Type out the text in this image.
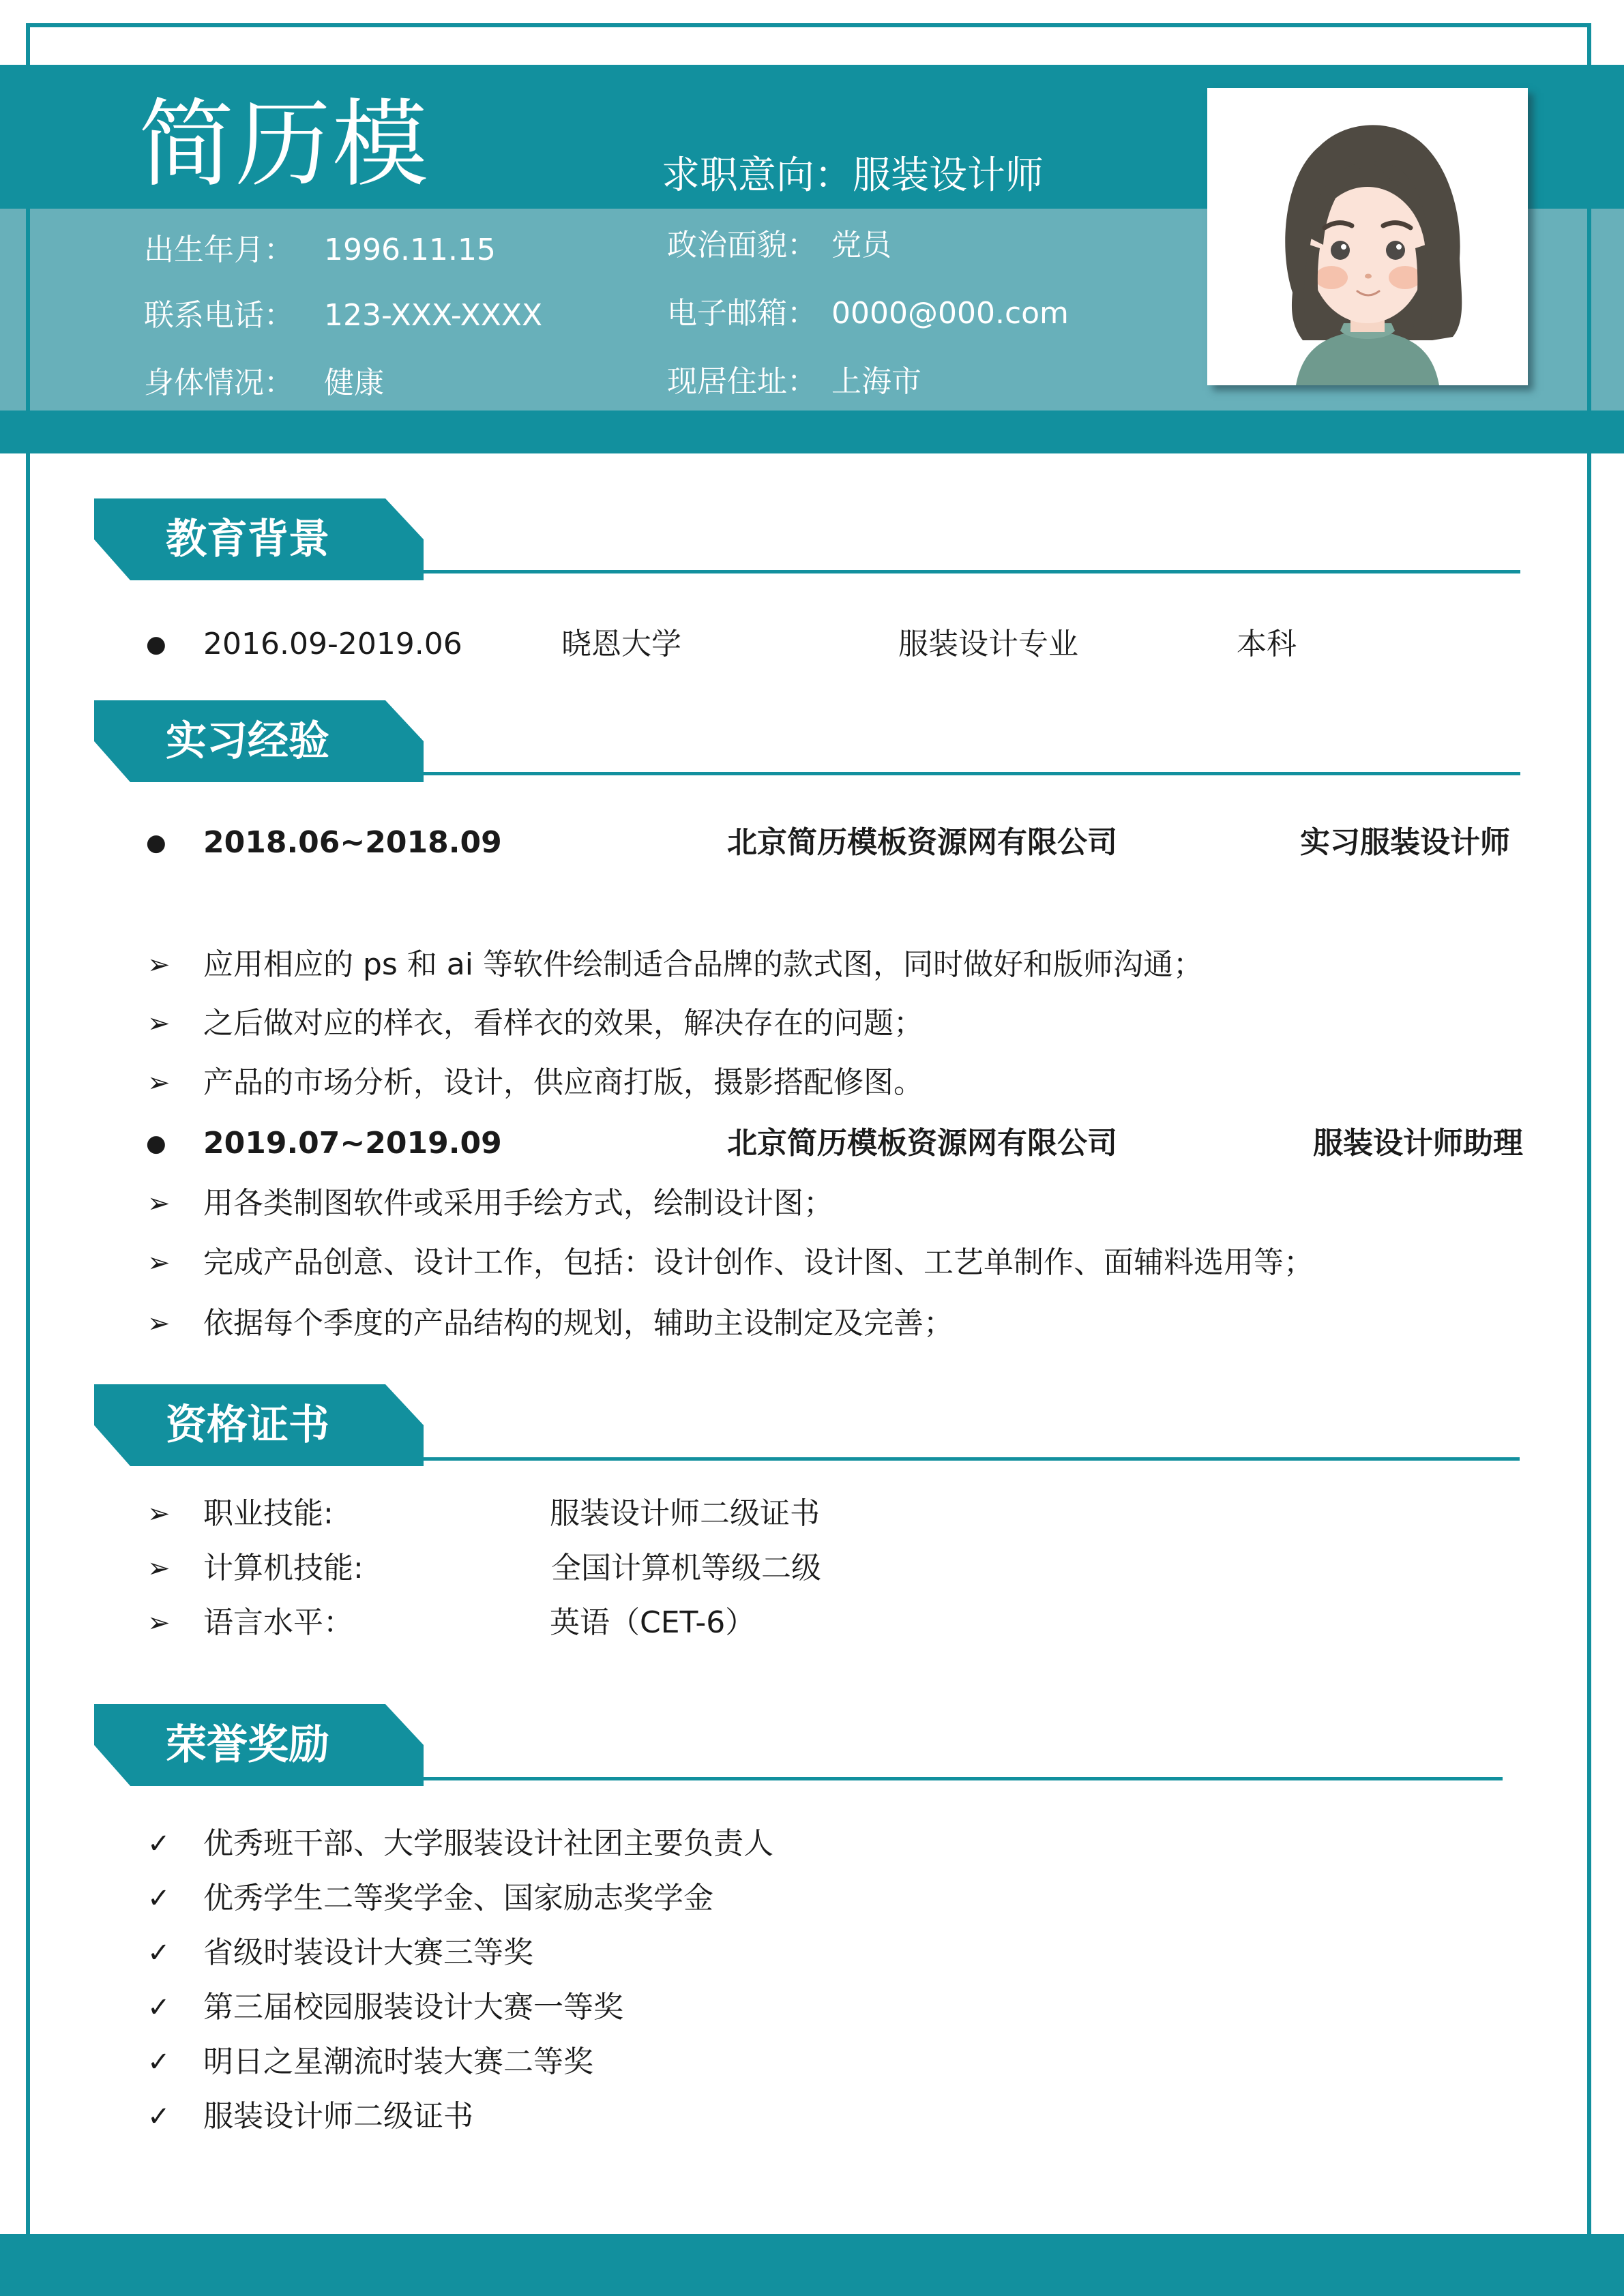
简历模	求职意向：服装设计师
出生年月： 1996.11.15
联系电话： 123-XXX-XXXX
身体情况： 健康
政治面貌： 党员
电子邮箱： 0000@000.com
现居住址： 上海市
教育背景
● 2016.09-2019.06	晓恩大学	服装设计专业	本科
实习经验
● 2018.06~2018.09	北京简历模板资源网有限公司	实习服装设计师
➢ 应用相应的 ps 和 ai 等软件绘制适合品牌的款式图，同时做好和版师沟通；
➢ 之后做对应的样衣，看样衣的效果，解决存在的问题；
➢ 产品的市场分析，设计，供应商打版，摄影搭配修图。
● 2019.07~2019.09	北京简历模板资源网有限公司	服装设计师助理
➢ 用各类制图软件或采用手绘方式，绘制设计图；
➢ 完成产品创意、设计工作，包括：设计创作、设计图、工艺单制作、面辅料选用等；
➢ 依据每个季度的产品结构的规划，辅助主设制定及完善；
资格证书
➢ 职业技能:	服装设计师二级证书
➢ 计算机技能:	全国计算机等级二级
➢ 语言水平：	英语（CET-6）
荣誉奖励
✓ 优秀班干部、大学服装设计社团主要负责人
✓ 优秀学生二等奖学金、国家励志奖学金
✓ 省级时装设计大赛三等奖
✓ 第三届校园服装设计大赛一等奖
✓ 明日之星潮流时装大赛二等奖
✓ 服装设计师二级证书
